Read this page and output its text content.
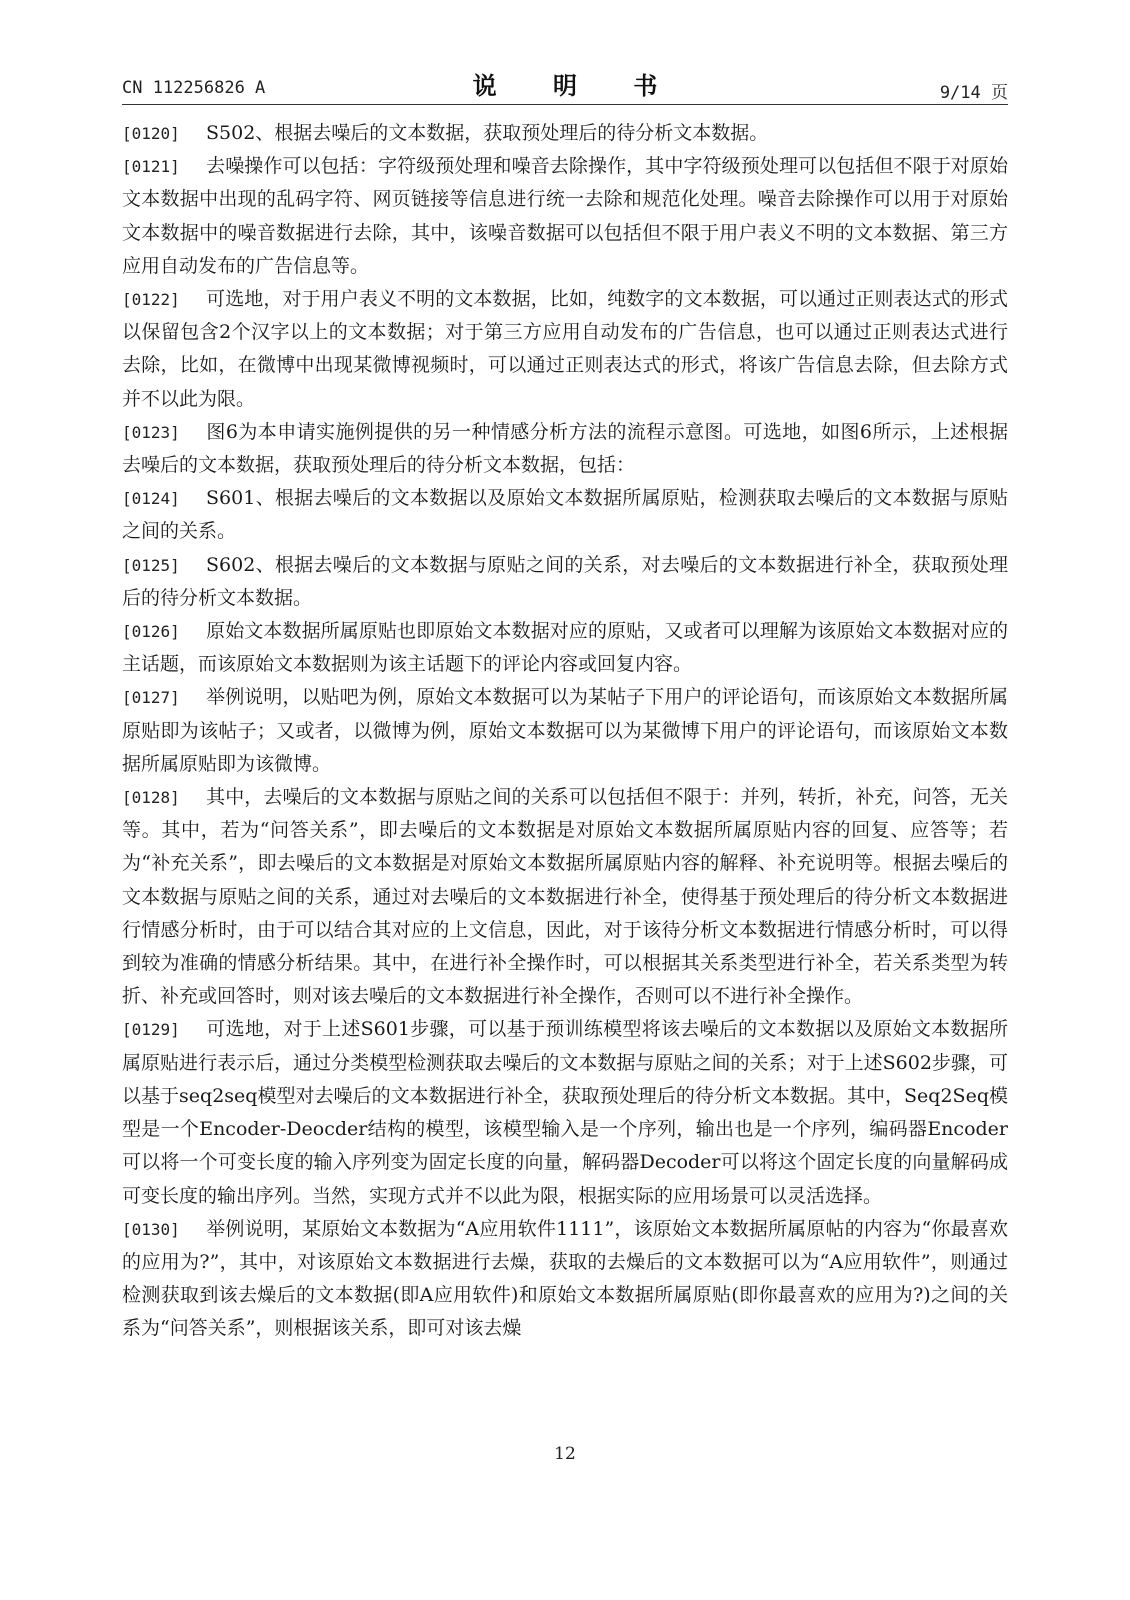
CN 112256826 A	说 明 书	9/14 页

[0120] S502、根据去噪后的文本数据，获取预处理后的待分析文本数据。

[0121] 去噪操作可以包括：字符级预处理和噪音去除操作，其中字符级预处理可以包括但不限于对原始文本数据中出现的乱码字符、网页链接等信息进行统一去除和规范化处理。噪音去除操作可以用于对原始文本数据中的噪音数据进行去除，其中，该噪音数据可以包括但不限于用户表义不明的文本数据、第三方应用自动发布的广告信息等。

[0122] 可选地，对于用户表义不明的文本数据，比如，纯数字的文本数据，可以通过正则表达式的形式以保留包含2个汉字以上的文本数据；对于第三方应用自动发布的广告信息，也可以通过正则表达式进行去除，比如，在微博中出现某微博视频时，可以通过正则表达式的形式，将该广告信息去除，但去除方式并不以此为限。

[0123] 图6为本申请实施例提供的另一种情感分析方法的流程示意图。可选地，如图6所示，上述根据去噪后的文本数据，获取预处理后的待分析文本数据，包括：

[0124] S601、根据去噪后的文本数据以及原始文本数据所属原贴，检测获取去噪后的文本数据与原贴之间的关系。

[0125] S602、根据去噪后的文本数据与原贴之间的关系，对去噪后的文本数据进行补全，获取预处理后的待分析文本数据。

[0126] 原始文本数据所属原贴也即原始文本数据对应的原贴，又或者可以理解为该原始文本数据对应的主话题，而该原始文本数据则为该主话题下的评论内容或回复内容。

[0127] 举例说明，以贴吧为例，原始文本数据可以为某帖子下用户的评论语句，而该原始文本数据所属原贴即为该帖子；又或者，以微博为例，原始文本数据可以为某微博下用户的评论语句，而该原始文本数据所属原贴即为该微博。

[0128] 其中，去噪后的文本数据与原贴之间的关系可以包括但不限于：并列，转折，补充，问答，无关等。其中，若为“问答关系”，即去噪后的文本数据是对原始文本数据所属原贴内容的回复、应答等；若为“补充关系”，即去噪后的文本数据是对原始文本数据所属原贴内容的解释、补充说明等。根据去噪后的文本数据与原贴之间的关系，通过对去噪后的文本数据进行补全，使得基于预处理后的待分析文本数据进行情感分析时，由于可以结合其对应的上文信息，因此，对于该待分析文本数据进行情感分析时，可以得到较为准确的情感分析结果。其中，在进行补全操作时，可以根据其关系类型进行补全，若关系类型为转折、补充或回答时，则对该去噪后的文本数据进行补全操作，否则可以不进行补全操作。

[0129] 可选地，对于上述S601步骤，可以基于预训练模型将该去噪后的文本数据以及原始文本数据所属原贴进行表示后，通过分类模型检测获取去噪后的文本数据与原贴之间的关系；对于上述S602步骤，可以基于seq2seq模型对去噪后的文本数据进行补全，获取预处理后的待分析文本数据。其中，Seq2Seq模型是一个Encoder-Deocder结构的模型，该模型输入是一个序列，输出也是一个序列，编码器Encoder可以将一个可变长度的输入序列变为固定长度的向量，解码器Decoder可以将这个固定长度的向量解码成可变长度的输出序列。当然，实现方式并不以此为限，根据实际的应用场景可以灵活选择。

[0130] 举例说明，某原始文本数据为“A应用软件1111”，该原始文本数据所属原帖的内容为“你最喜欢的应用为?”，其中，对该原始文本数据进行去燥，获取的去燥后的文本数据可以为“A应用软件”，则通过检测获取到该去燥后的文本数据(即A应用软件)和原始文本数据所属原贴(即你最喜欢的应用为?)之间的关系为“问答关系”，则根据该关系，即可对该去燥

12
